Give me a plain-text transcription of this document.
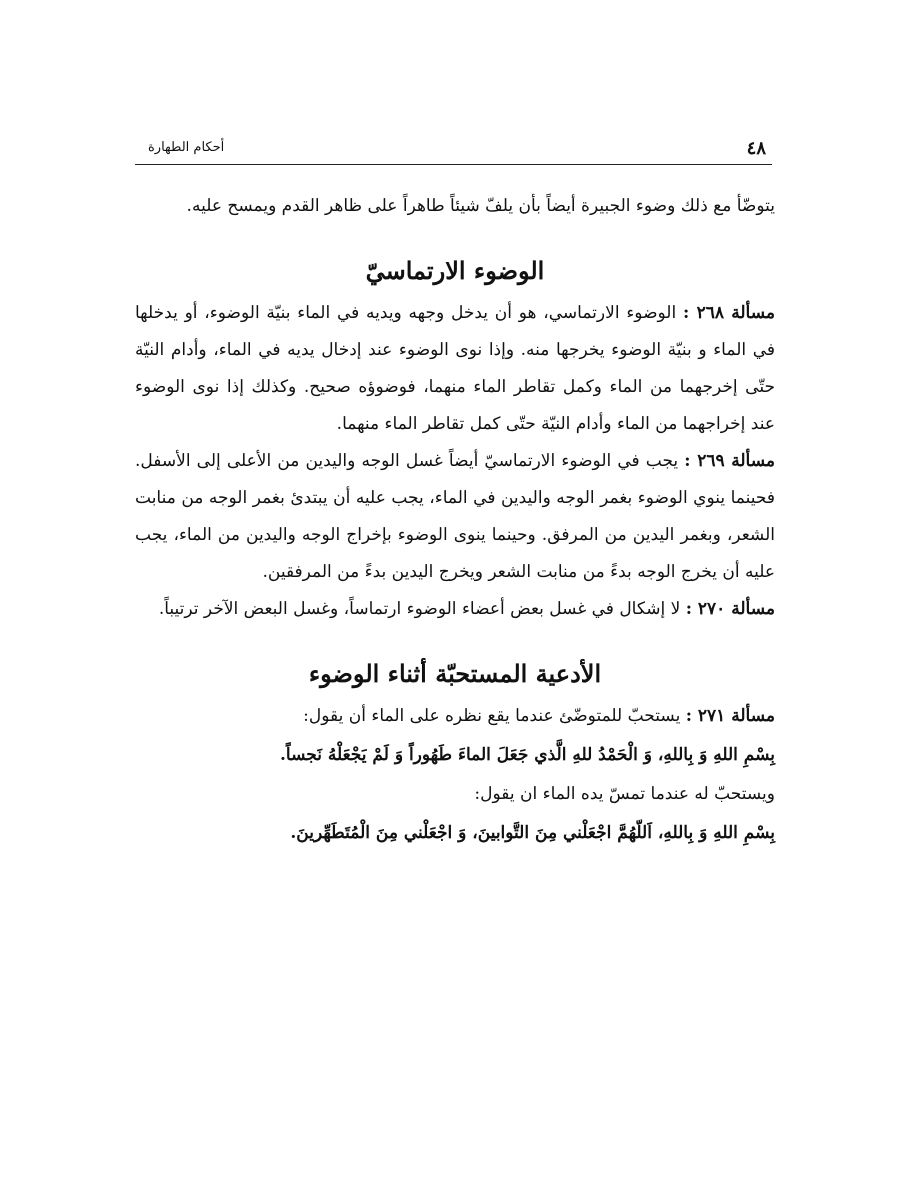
٤٨
أحكام الطهارة

يتوضّأ مع ذلك وضوء الجبيرة أيضاً بأن يلفّ شيئاً طاهراً على ظاهر القدم ويمسح عليه.

الوضوء الارتماسيّ

مسألة ٢٦٨ : الوضوء الارتماسي، هو أن يدخل وجهه ويديه في الماء بنيّة الوضوء، أو يدخلها في الماء و بنيّة الوضوء يخرجها منه. وإذا نوى الوضوء عند إدخال يديه في الماء، وأدام النيّة حتّى إخرجهما من الماء وكمل تقاطر الماء منهما، فوضوؤه صحيح. وكذلك إذا نوى الوضوء عند إخراجهما من الماء وأدام النيّة حتّى كمل تقاطر الماء منهما.

مسألة ٢٦٩ : يجب في الوضوء الارتماسيّ أيضاً غسل الوجه واليدين من الأعلى إلى الأسفل. فحينما ينوي الوضوء بغمر الوجه واليدين في الماء، يجب عليه أن يبتدئ بغمر الوجه من منابت الشعر، وبغمر اليدين من المرفق. وحينما ينوى الوضوء بإخراج الوجه واليدين من الماء، يجب عليه أن يخرج الوجه بدءً من منابت الشعر ويخرج اليدين بدءً من المرفقين.

مسألة ٢٧٠ : لا إشكال في غسل بعض أعضاء الوضوء ارتماساً، وغسل البعض الآخر ترتيباً.

الأدعية المستحبّة أثناء الوضوء

مسألة ٢٧١ : يستحبّ للمتوضّئ عندما يقع نظره على الماء أن يقول:

بِسْمِ اللهِ وَ بِاللهِ، وَ الْحَمْدُ للهِ الَّذي جَعَلَ الماءَ طَهُوراً وَ لَمْ يَجْعَلْهُ نَجساً.

ويستحبّ له عندما تمسّ يده الماء ان يقول:

بِسْمِ اللهِ وَ بِاللهِ، اَللّهُمَّ اجْعَلْني مِنَ التَّوابينَ، وَ اجْعَلْني مِنَ الْمُتَطَهِّرينَ.
